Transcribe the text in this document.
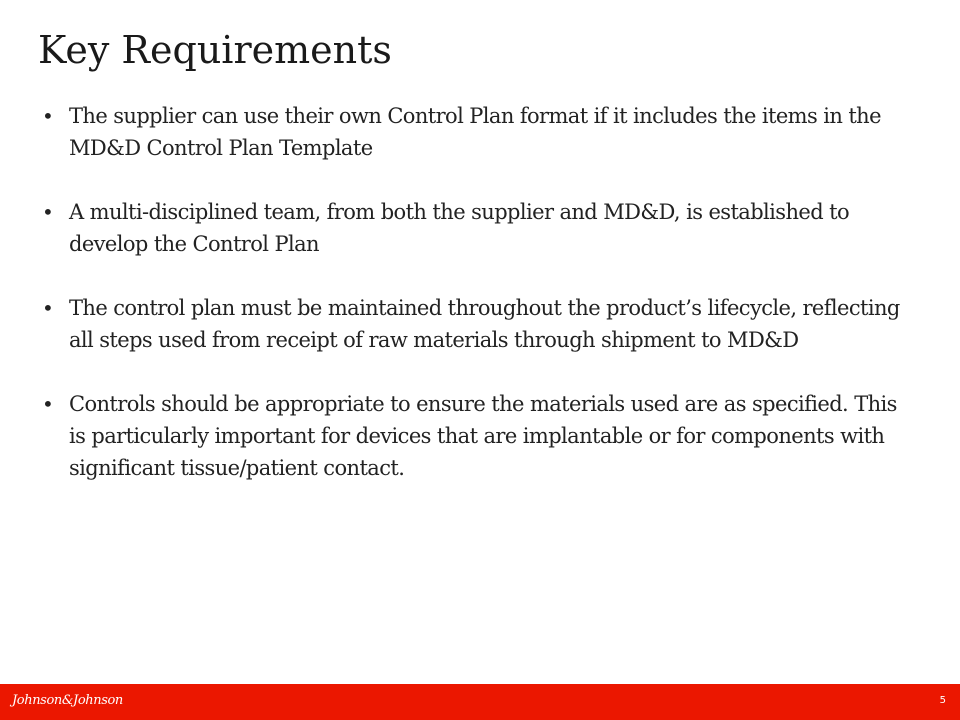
Key Requirements
• The supplier can use their own Control Plan format if it includes the items in the MD&D Control Plan Template
• A multi-disciplined team, from both the supplier and MD&D, is established to develop the Control Plan
• The control plan must be maintained throughout the product’s lifecycle, reflecting all steps used from receipt of raw materials through shipment to MD&D
• Controls should be appropriate to ensure the materials used are as specified. This is particularly important for devices that are implantable or for components with significant tissue/patient contact.
Johnson&Johnson	5
